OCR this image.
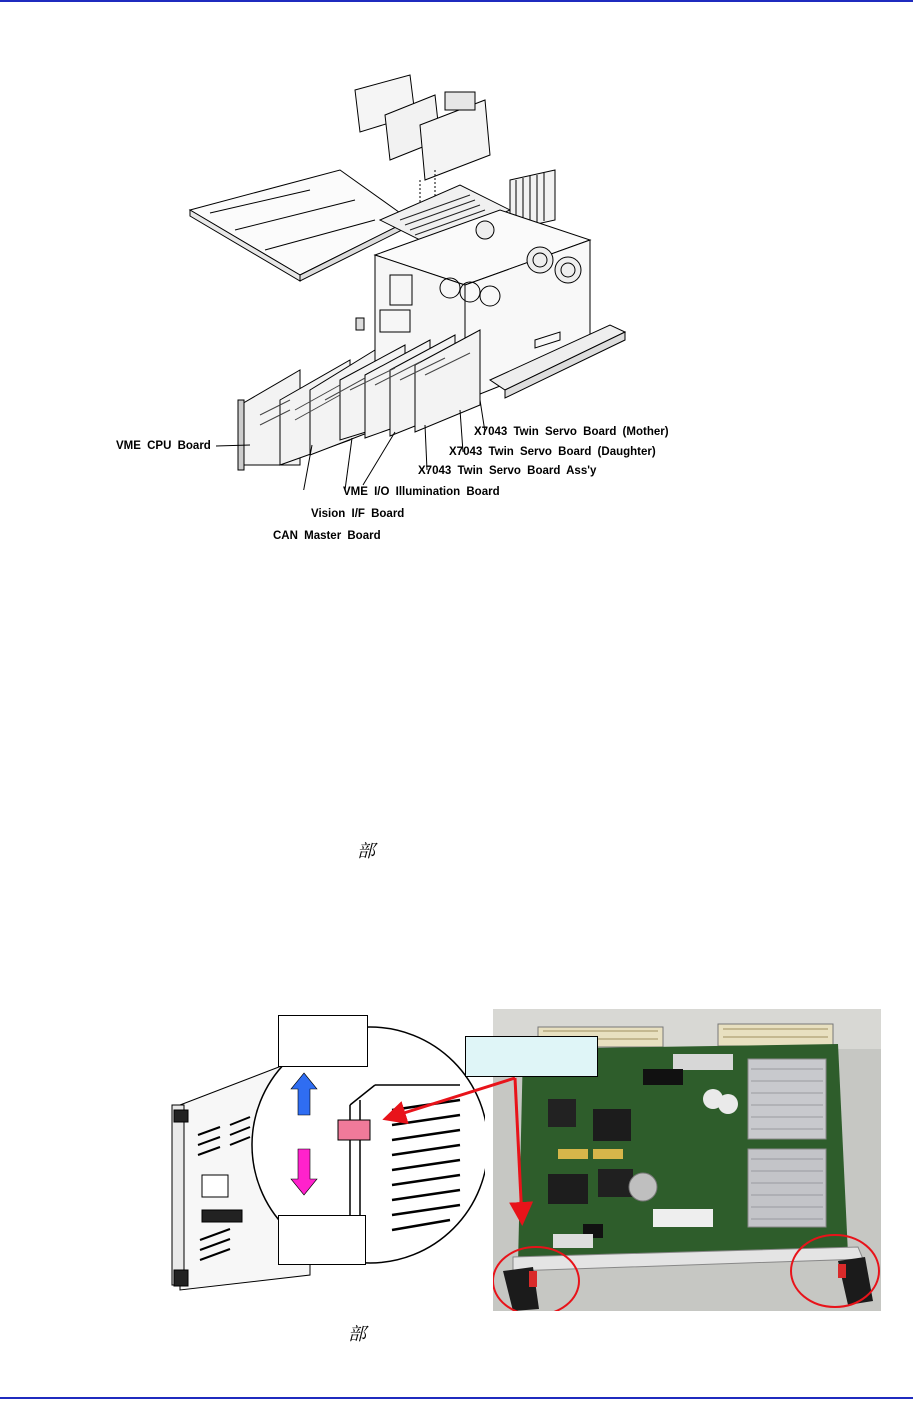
VME CPU Board
X7043 Twin Servo Board (Mother)
X7043 Twin Servo Board (Daughter)
X7043 Twin Servo Board Ass'y
VME I/O Illumination Board
Vision I/F Board
CAN Master Board
部
部
